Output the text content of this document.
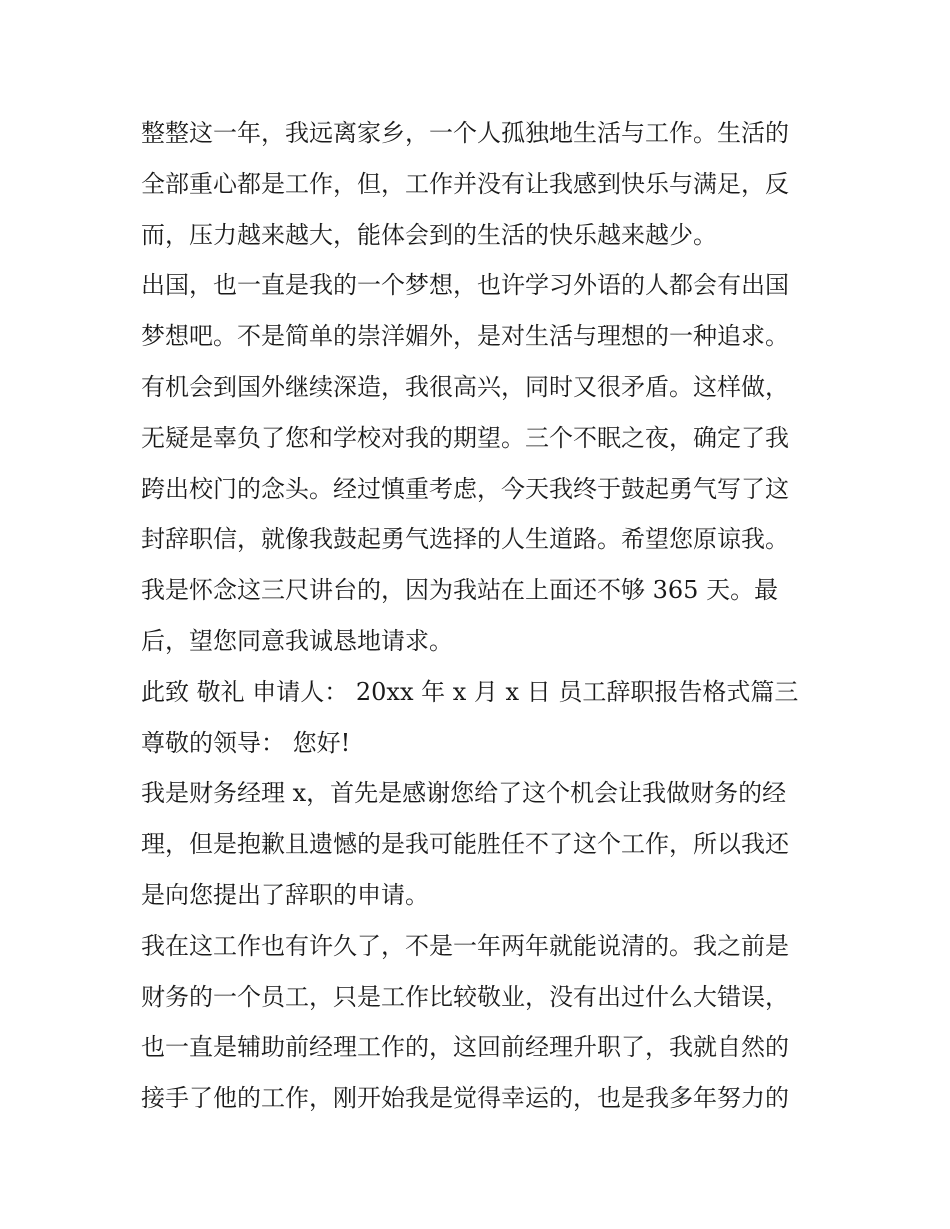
整整这一年，我远离家乡，一个人孤独地生活与工作。生活的
全部重心都是工作，但，工作并没有让我感到快乐与满足，反
而，压力越来越大，能体会到的生活的快乐越来越少。
出国，也一直是我的一个梦想，也许学习外语的人都会有出国
梦想吧。不是简单的崇洋媚外，是对生活与理想的一种追求。
有机会到国外继续深造，我很高兴，同时又很矛盾。这样做，
无疑是辜负了您和学校对我的期望。三个不眠之夜，确定了我
跨出校门的念头。经过慎重考虑，今天我终于鼓起勇气写了这
封辞职信，就像我鼓起勇气选择的人生道路。希望您原谅我。
我是怀念这三尺讲台的，因为我站在上面还不够 365 天。最
后，望您同意我诚恳地请求。
此致 敬礼 申请人： 20xx 年 x 月 x 日 员工辞职报告格式篇三
尊敬的领导： 您好!
我是财务经理 x，首先是感谢您给了这个机会让我做财务的经
理，但是抱歉且遗憾的是我可能胜任不了这个工作，所以我还
是向您提出了辞职的申请。
我在这工作也有许久了，不是一年两年就能说清的。我之前是
财务的一个员工，只是工作比较敬业，没有出过什么大错误，
也一直是辅助前经理工作的，这回前经理升职了，我就自然的
接手了他的工作，刚开始我是觉得幸运的，也是我多年努力的
